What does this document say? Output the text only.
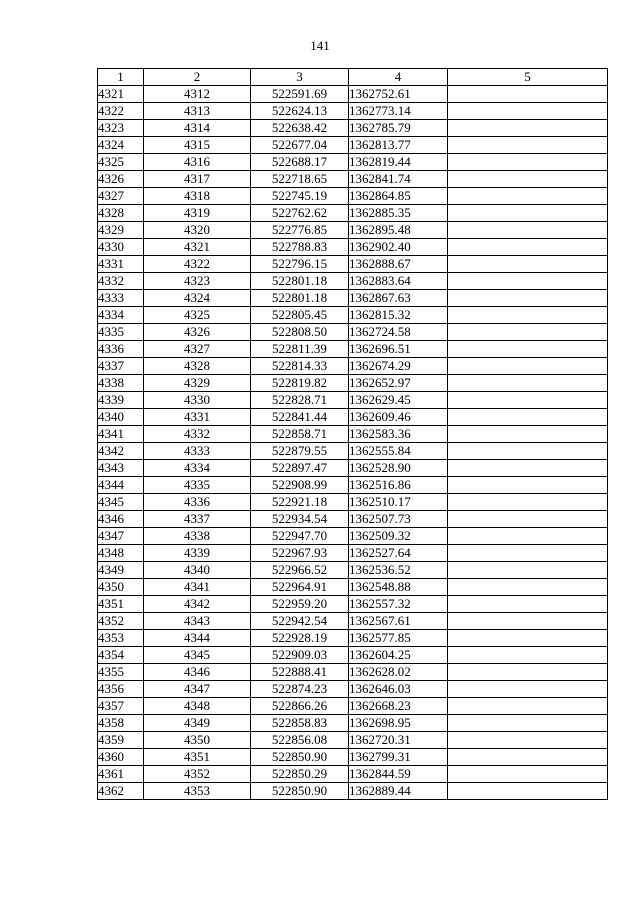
141
1	2	3	4	5
4321	4312	522591.69	1362752.61	
4322	4313	522624.13	1362773.14	
4323	4314	522638.42	1362785.79	
4324	4315	522677.04	1362813.77	
4325	4316	522688.17	1362819.44	
4326	4317	522718.65	1362841.74	
4327	4318	522745.19	1362864.85	
4328	4319	522762.62	1362885.35	
4329	4320	522776.85	1362895.48	
4330	4321	522788.83	1362902.40	
4331	4322	522796.15	1362888.67	
4332	4323	522801.18	1362883.64	
4333	4324	522801.18	1362867.63	
4334	4325	522805.45	1362815.32	
4335	4326	522808.50	1362724.58	
4336	4327	522811.39	1362696.51	
4337	4328	522814.33	1362674.29	
4338	4329	522819.82	1362652.97	
4339	4330	522828.71	1362629.45	
4340	4331	522841.44	1362609.46	
4341	4332	522858.71	1362583.36	
4342	4333	522879.55	1362555.84	
4343	4334	522897.47	1362528.90	
4344	4335	522908.99	1362516.86	
4345	4336	522921.18	1362510.17	
4346	4337	522934.54	1362507.73	
4347	4338	522947.70	1362509.32	
4348	4339	522967.93	1362527.64	
4349	4340	522966.52	1362536.52	
4350	4341	522964.91	1362548.88	
4351	4342	522959.20	1362557.32	
4352	4343	522942.54	1362567.61	
4353	4344	522928.19	1362577.85	
4354	4345	522909.03	1362604.25	
4355	4346	522888.41	1362628.02	
4356	4347	522874.23	1362646.03	
4357	4348	522866.26	1362668.23	
4358	4349	522858.83	1362698.95	
4359	4350	522856.08	1362720.31	
4360	4351	522850.90	1362799.31	
4361	4352	522850.29	1362844.59	
4362	4353	522850.90	1362889.44	
